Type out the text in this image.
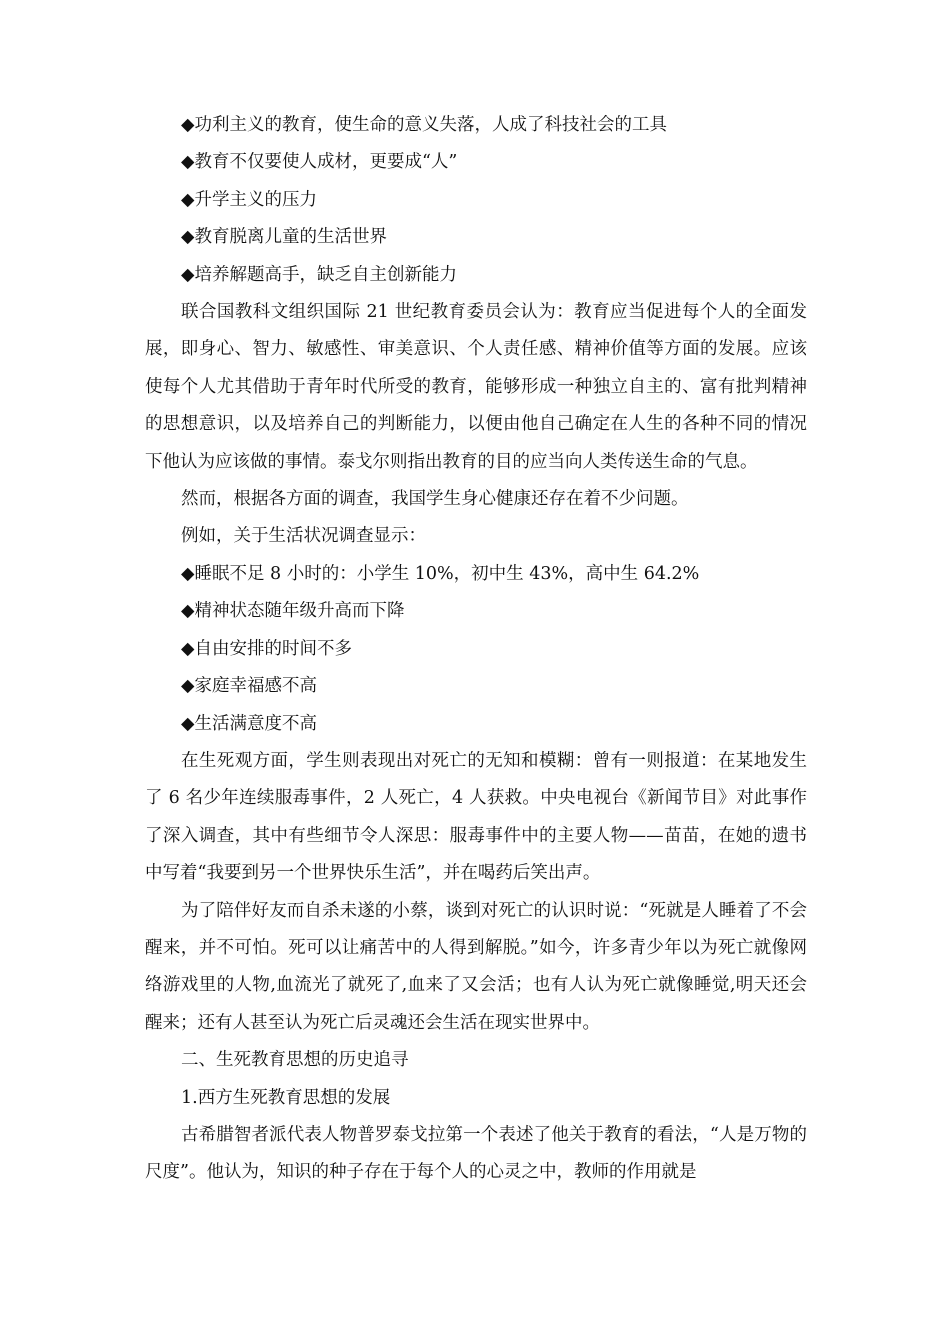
◆功利主义的教育，使生命的意义失落，人成了科技社会的工具

◆教育不仅要使人成材，更要成“人”

◆升学主义的压力

◆教育脱离儿童的生活世界

◆培养解题高手，缺乏自主创新能力

联合国教科文组织国际 21 世纪教育委员会认为：教育应当促进每个人的全面发展，即身心、智力、敏感性、审美意识、个人责任感、精神价值等方面的发展。应该使每个人尤其借助于青年时代所受的教育，能够形成一种独立自主的、富有批判精神的思想意识，以及培养自己的判断能力，以便由他自己确定在人生的各种不同的情况下他认为应该做的事情。泰戈尔则指出教育的目的应当向人类传送生命的气息。

然而，根据各方面的调查，我国学生身心健康还存在着不少问题。

例如，关于生活状况调查显示：

◆睡眠不足 8 小时的：小学生 10%，初中生 43%，高中生 64.2%

◆精神状态随年级升高而下降

◆自由安排的时间不多

◆家庭幸福感不高

◆生活满意度不高

在生死观方面，学生则表现出对死亡的无知和模糊：曾有一则报道：在某地发生了 6 名少年连续服毒事件，2 人死亡，4 人获救。中央电视台《新闻节目》对此事作了深入调查，其中有些细节令人深思：服毒事件中的主要人物——苗苗，在她的遗书中写着“我要到另一个世界快乐生活”，并在喝药后笑出声。

为了陪伴好友而自杀未遂的小蔡，谈到对死亡的认识时说：“死就是人睡着了不会醒来，并不可怕。死可以让痛苦中的人得到解脱。”如今，许多青少年以为死亡就像网络游戏里的人物,血流光了就死了,血来了又会活；也有人认为死亡就像睡觉,明天还会醒来；还有人甚至认为死亡后灵魂还会生活在现实世界中。

二、生死教育思想的历史追寻

1.西方生死教育思想的发展

古希腊智者派代表人物普罗泰戈拉第一个表述了他关于教育的看法，“人是万物的尺度”。他认为，知识的种子存在于每个人的心灵之中，教师的作用就是
